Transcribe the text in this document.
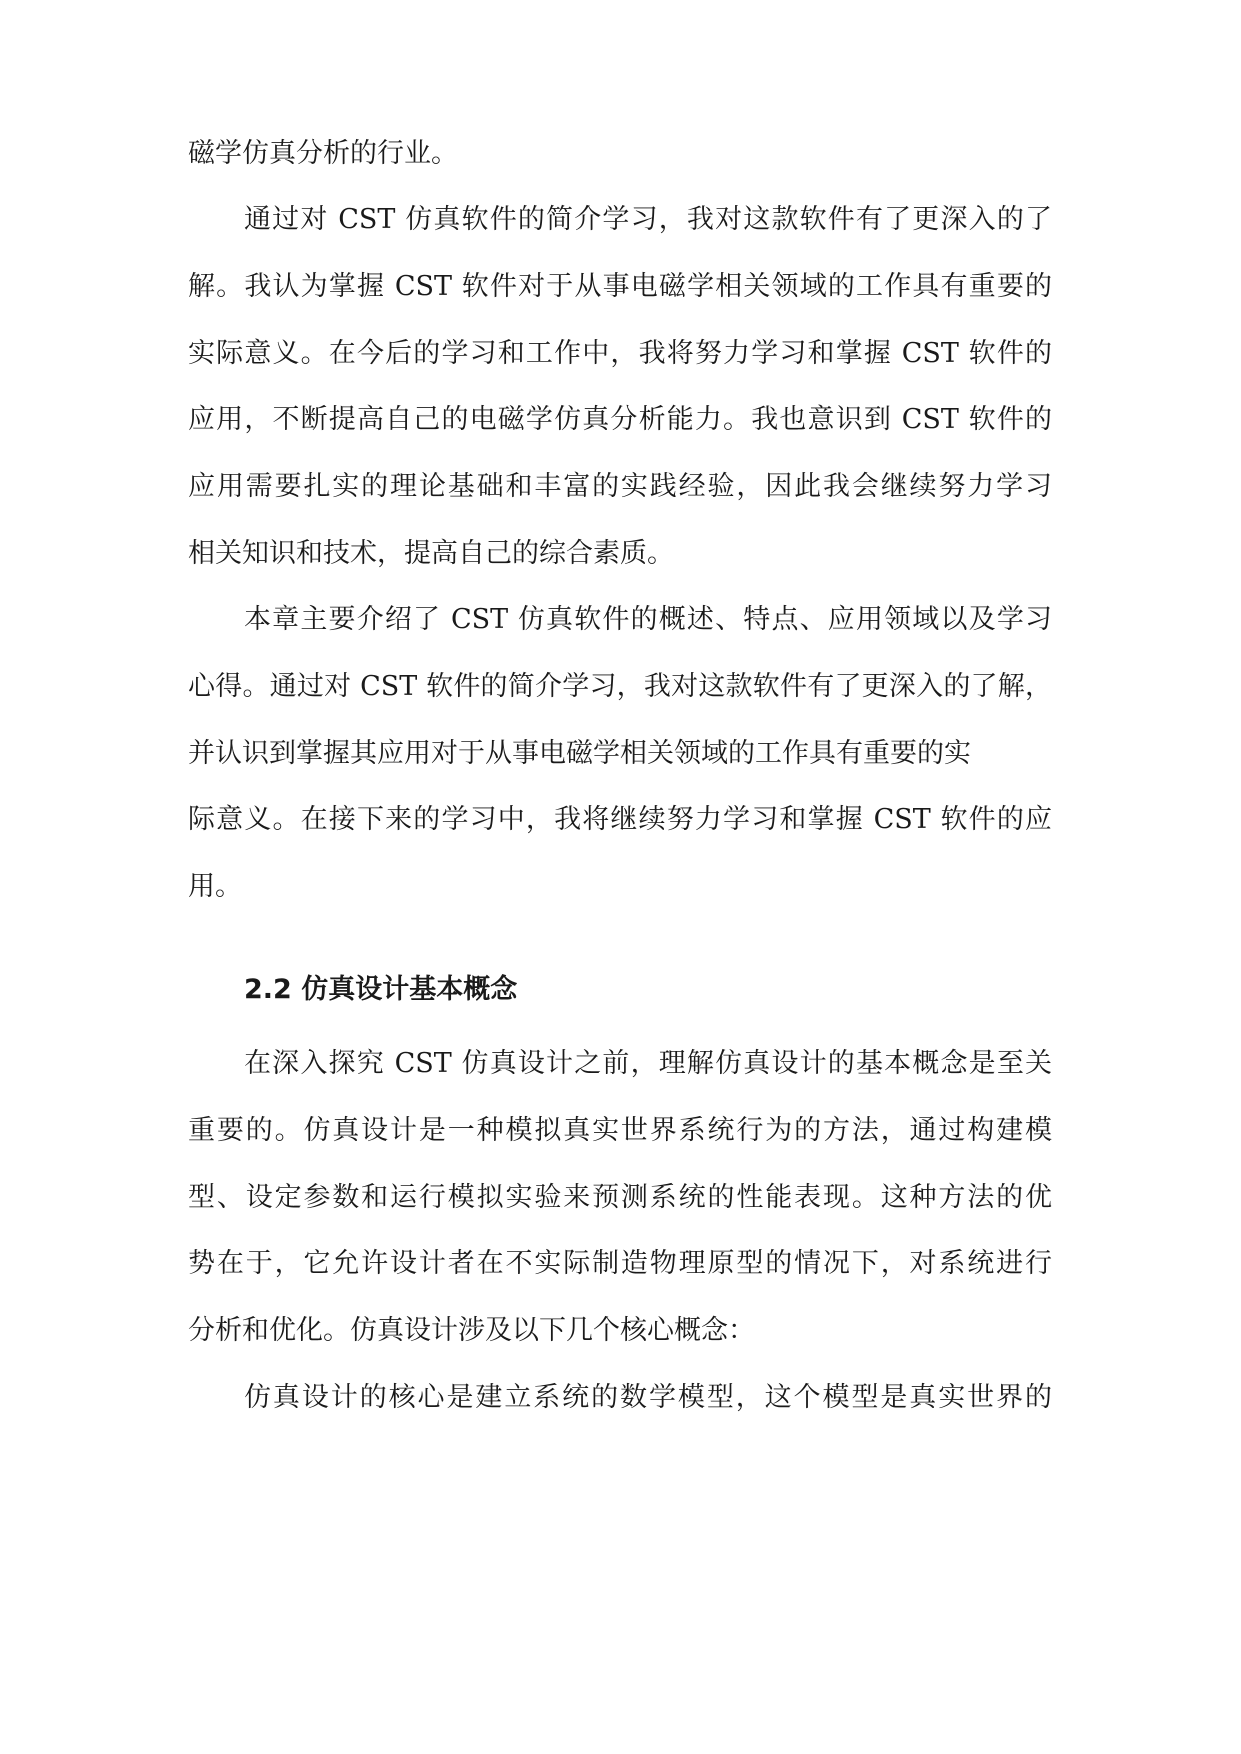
磁学仿真分析的行业。
通过对 CST 仿真软件的简介学习，我对这款软件有了更深入的了
解。我认为掌握 CST 软件对于从事电磁学相关领域的工作具有重要的
实际意义。在今后的学习和工作中，我将努力学习和掌握 CST 软件的
应用，不断提高自己的电磁学仿真分析能力。我也意识到 CST 软件的
应用需要扎实的理论基础和丰富的实践经验，因此我会继续努力学习
相关知识和技术，提高自己的综合素质。
本章主要介绍了 CST 仿真软件的概述、特点、应用领域以及学习
心得。通过对 CST 软件的简介学习，我对这款软件有了更深入的了解，
并认识到掌握其应用对于从事电磁学相关领域的工作具有重要的实
际意义。在接下来的学习中，我将继续努力学习和掌握 CST 软件的应
用。
2.2 仿真设计基本概念
在深入探究 CST 仿真设计之前，理解仿真设计的基本概念是至关
重要的。仿真设计是一种模拟真实世界系统行为的方法，通过构建模
型、设定参数和运行模拟实验来预测系统的性能表现。这种方法的优
势在于，它允许设计者在不实际制造物理原型的情况下，对系统进行
分析和优化。仿真设计涉及以下几个核心概念：
仿真设计的核心是建立系统的数学模型，这个模型是真实世界的
